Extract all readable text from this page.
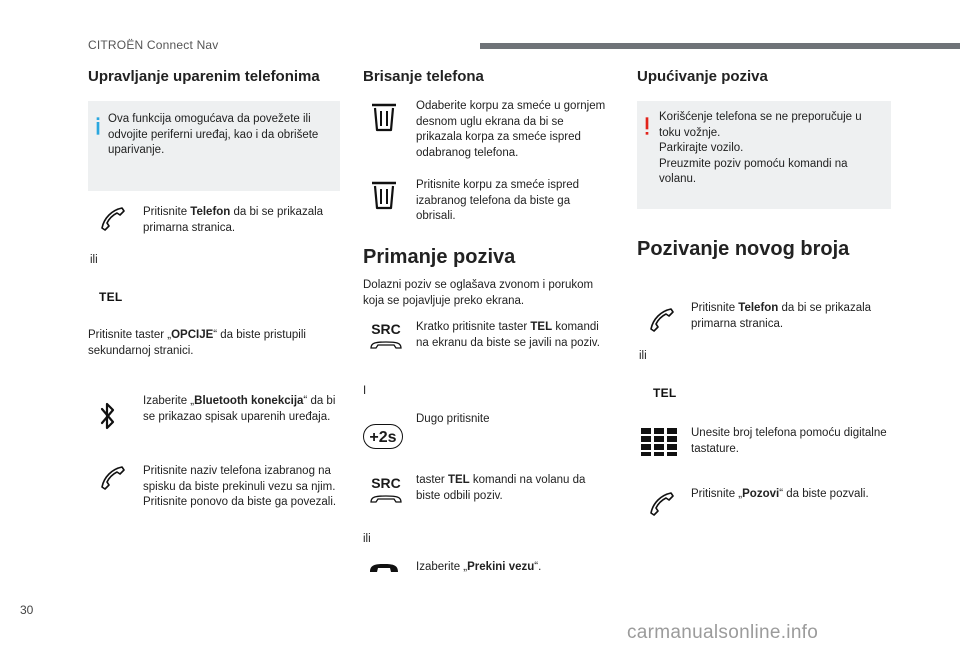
CITROËN Connect Nav
Upravljanje uparenim telefonima
Ova funkcija omogućava da povežete ili odvojite periferni uređaj, kao i da obrišete uparivanje.
Pritisnite Telefon da bi se prikazala primarna stranica.
ili
TEL
Pritisnite taster „OPCIJE“ da biste pristupili sekundarnoj stranici.
Izaberite „Bluetooth konekcija“ da bi se prikazao spisak uparenih uređaja.
Pritisnite naziv telefona izabranog na spisku da biste prekinuli vezu sa njim.
Pritisnite ponovo da biste ga povezali.
Brisanje telefona
Odaberite korpu za smeće u gornjem desnom uglu ekrana da bi se prikazala korpa za smeće ispred odabranog telefona.
Pritisnite korpu za smeće ispred izabranog telefona da biste ga obrisali.
Primanje poziva
Dolazni poziv se oglašava zvonom i porukom koja se pojavljuje preko ekrana.
SRC Kratko pritisnite taster TEL komandi na ekranu da biste se javili na poziv.
I
+2s
Dugo pritisnite
SRC taster TEL komandi na volanu da biste odbili poziv.
ili
Izaberite „Prekini vezu“.
Upućivanje poziva
Korišćenje telefona se ne preporučuje u toku vožnje.
Parkirajte vozilo.
Preuzmite poziv pomoću komandi na volanu.
Pozivanje novog broja
Pritisnite Telefon da bi se prikazala primarna stranica.
ili
TEL
Unesite broj telefona pomoću digitalne tastature.
Pritisnite „Pozovi“ da biste pozvali.
30
carmanualsonline.info
